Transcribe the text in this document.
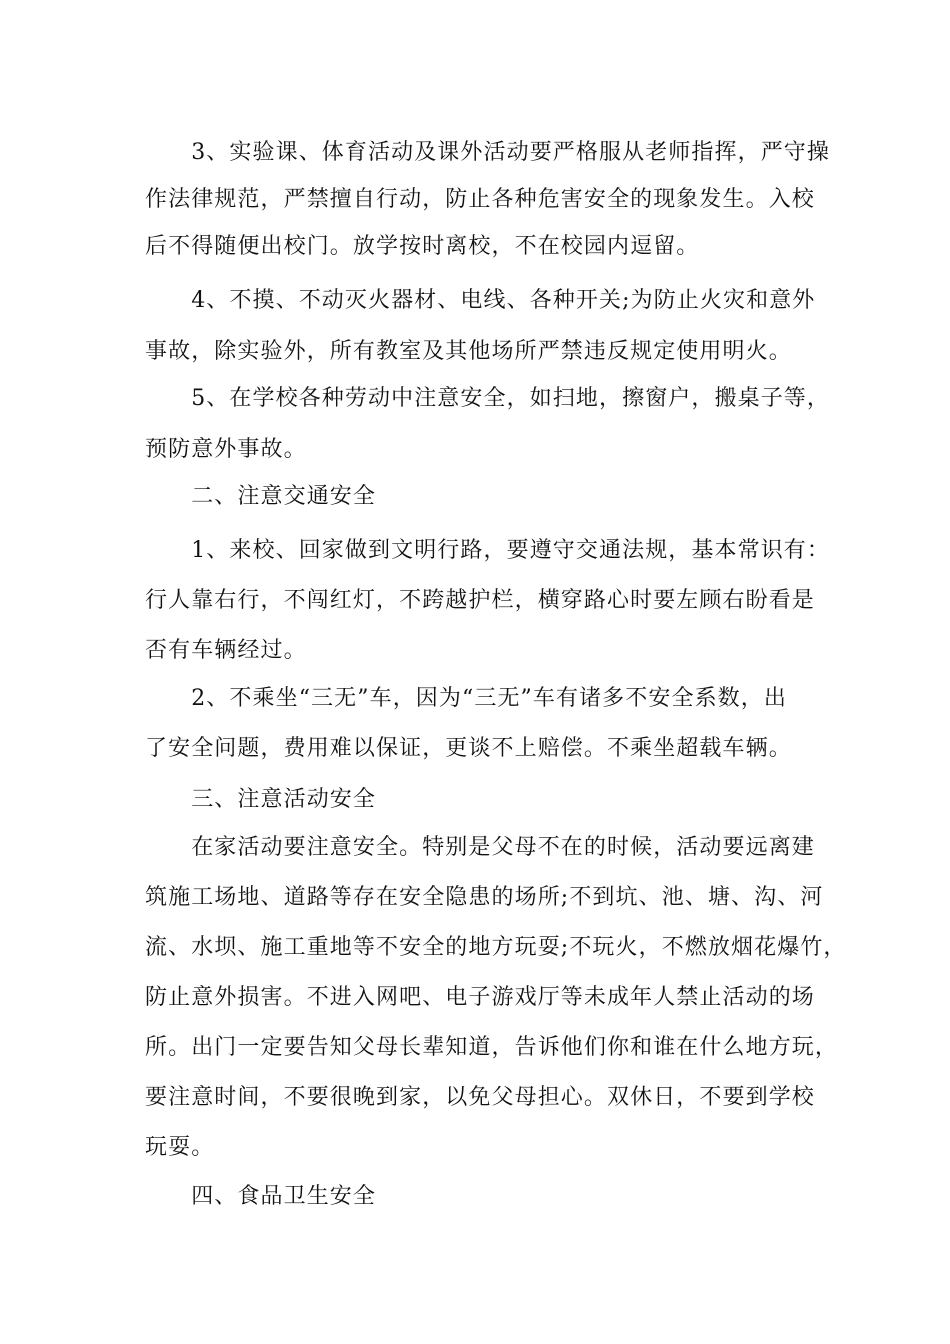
　　3、实验课、体育活动及课外活动要严格服从老师指挥，严守操
作法律规范，严禁擅自行动，防止各种危害安全的现象发生。入校
后不得随便出校门。放学按时离校，不在校园内逗留。

　　4、不摸、不动灭火器材、电线、各种开关;为防止火灾和意外
事故，除实验外，所有教室及其他场所严禁违反规定使用明火。

　　5、在学校各种劳动中注意安全，如扫地，擦窗户，搬桌子等，
预防意外事故。

　　二、注意交通安全

　　1、来校、回家做到文明行路，要遵守交通法规，基本常识有：
行人靠右行，不闯红灯，不跨越护栏，横穿路心时要左顾右盼看是
否有车辆经过。

　　2、不乘坐“三无”车，因为“三无”车有诸多不安全系数，出
了安全问题，费用难以保证，更谈不上赔偿。不乘坐超载车辆。

　　三、注意活动安全

　　在家活动要注意安全。特别是父母不在的时候，活动要远离建
筑施工场地、道路等存在安全隐患的场所;不到坑、池、塘、沟、河
流、水坝、施工重地等不安全的地方玩耍;不玩火，不燃放烟花爆竹，
防止意外损害。不进入网吧、电子游戏厅等未成年人禁止活动的场
所。出门一定要告知父母长辈知道，告诉他们你和谁在什么地方玩，
要注意时间，不要很晚到家，以免父母担心。双休日，不要到学校
玩耍。

　　四、食品卫生安全
